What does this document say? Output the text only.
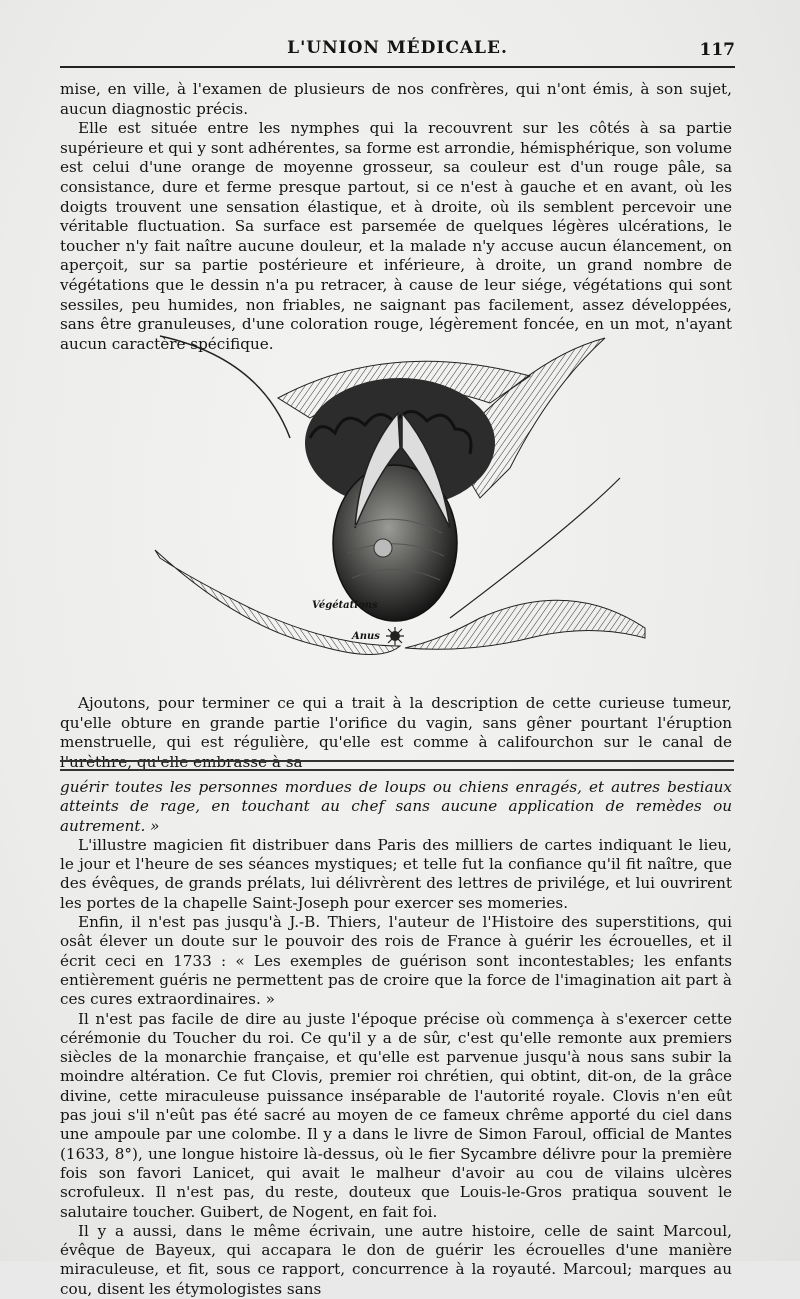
L'UNION MÉDICALE.	117

mise, en ville, à l'examen de plusieurs de nos confrères, qui n'ont émis, à son sujet, aucun diagnostic précis.

Elle est située entre les nymphes qui la recouvrent sur les côtés à sa partie supérieure et qui y sont adhérentes, sa forme est arrondie, hémisphérique, son volume est celui d'une orange de moyenne grosseur, sa couleur est d'un rouge pâle, sa consistance, dure et ferme presque partout, si ce n'est à gauche et en avant, où les doigts trouvent une sensation élastique, et à droite, où ils semblent percevoir une véritable fluctuation. Sa surface est parsemée de quelques légères ulcérations, le toucher n'y fait naître aucune douleur, et la malade n'y accuse aucun élancement, on aperçoit, sur sa partie postérieure et inférieure, à droite, un grand nombre de végétations que le dessin n'a pu retracer, à cause de leur siége, végétations qui sont sessiles, peu humides, non friables, ne saignant pas facilement, assez développées, sans être granuleuses, d'une coloration rouge, légèrement foncée, en un mot, n'ayant aucun caractère spécifique.

Végétations
Anus

Ajoutons, pour terminer ce qui a trait à la description de cette curieuse tumeur, qu'elle obture en grande partie l'orifice du vagin, sans gêner pourtant l'éruption menstruelle, qui est régulière, qu'elle est comme à califourchon sur le canal de l'urèthre, qu'elle embrasse à sa

guérir toutes les personnes mordues de loups ou chiens enragés, et autres bestiaux atteints de rage, en touchant au chef sans aucune application de remèdes ou autrement. »

L'illustre magicien fit distribuer dans Paris des milliers de cartes indiquant le lieu, le jour et l'heure de ses séances mystiques; et telle fut la confiance qu'il fit naître, que des évêques, de grands prélats, lui délivrèrent des lettres de privilége, et lui ouvrirent les portes de la chapelle Saint-Joseph pour exercer ses momeries.

Enfin, il n'est pas jusqu'à J.-B. Thiers, l'auteur de l'Histoire des superstitions, qui osât élever un doute sur le pouvoir des rois de France à guérir les écrouelles, et il écrit ceci en 1733 : « Les exemples de guérison sont incontestables; les enfants entièrement guéris ne permettent pas de croire que la force de l'imagination ait part à ces cures extraordinaires. »

Il n'est pas facile de dire au juste l'époque précise où commença à s'exercer cette cérémonie du Toucher du roi. Ce qu'il y a de sûr, c'est qu'elle remonte aux premiers siècles de la monarchie française, et qu'elle est parvenue jusqu'à nous sans subir la moindre altération. Ce fut Clovis, premier roi chrétien, qui obtint, dit-on, de la grâce divine, cette miraculeuse puissance inséparable de l'autorité royale. Clovis n'en eût pas joui s'il n'eût pas été sacré au moyen de ce fameux chrême apporté du ciel dans une ampoule par une colombe. Il y a dans le livre de Simon Faroul, official de Mantes (1633, 8°), une longue histoire là-dessus, où le fier Sycambre délivre pour la première fois son favori Lanicet, qui avait le malheur d'avoir au cou de vilains ulcères scrofuleux. Il n'est pas, du reste, douteux que Louis-le-Gros pratiqua souvent le salutaire toucher. Guibert, de Nogent, en fait foi.

Il y a aussi, dans le même écrivain, une autre histoire, celle de saint Marcoul, évêque de Bayeux, qui accapara le don de guérir les écrouelles d'une manière miraculeuse, et fit, sous ce rapport, concurrence à la royauté. Marcoul; marques au cou, disent les étymologistes sans
